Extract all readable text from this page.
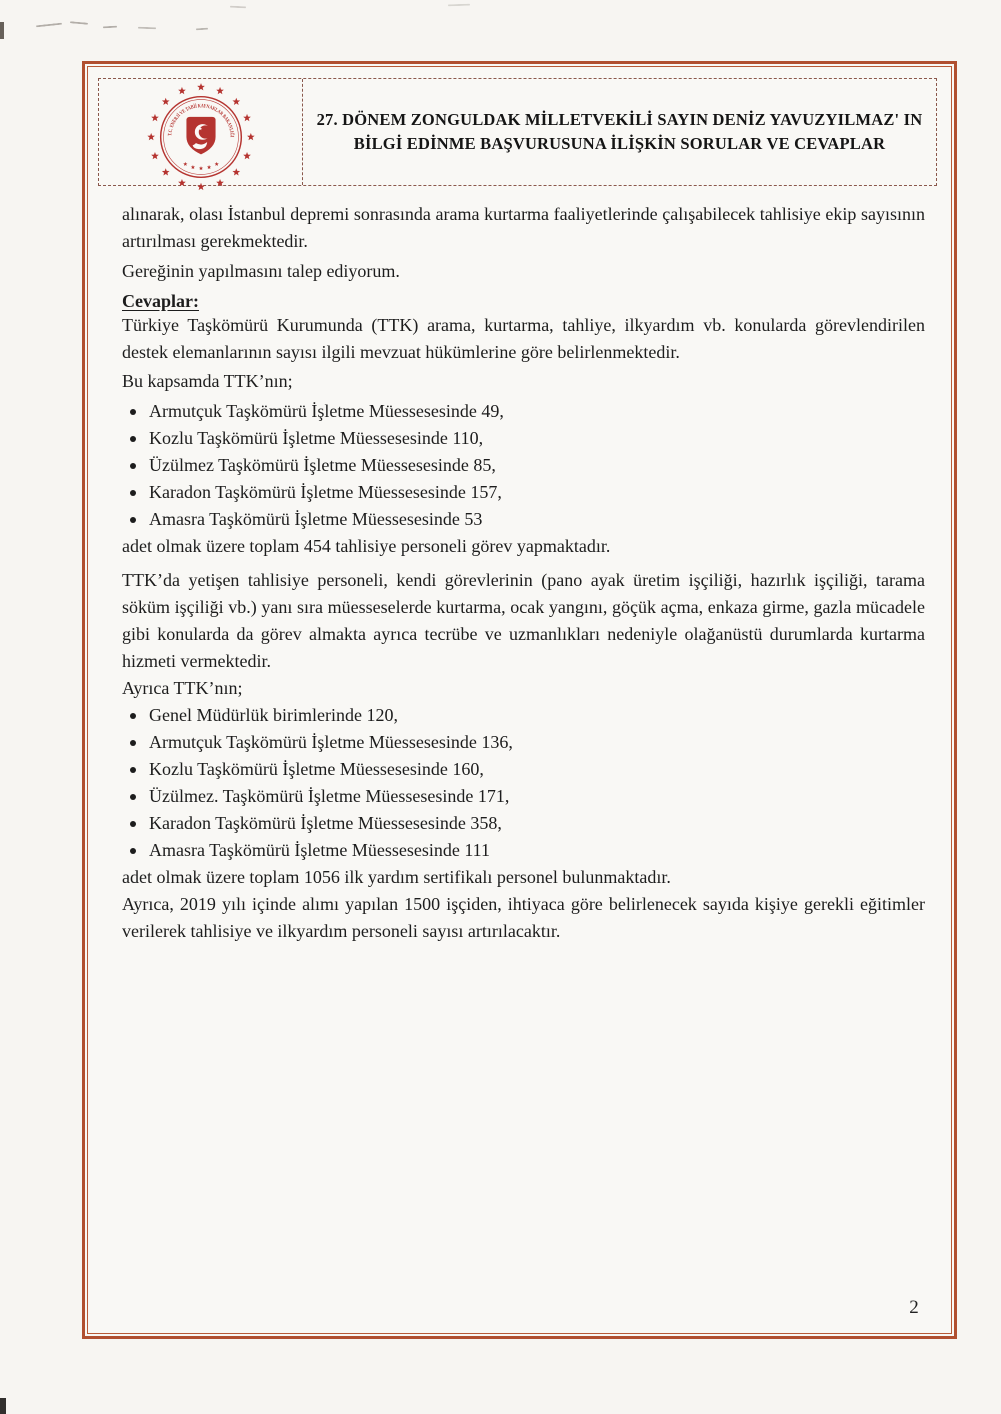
T.C. ENERJİ VE TABİİ KAYNAKLAR BAKANLIĞI
27. DÖNEM ZONGULDAK MİLLETVEKİLİ SAYIN DENİZ YAVUZYILMAZ' IN
BİLGİ EDİNME BAŞVURUSUNA İLİŞKİN SORULAR VE CEVAPLAR

alınarak, olası İstanbul depremi sonrasında arama kurtarma faaliyetlerinde çalışabilecek tahlisiye ekip sayısının artırılması gerekmektedir.

Gereğinin yapılmasını talep ediyorum.

Cevaplar:

Türkiye Taşkömürü Kurumunda (TTK) arama, kurtarma, tahliye, ilkyardım vb. konularda görevlendirilen destek elemanlarının sayısı ilgili mevzuat hükümlerine göre belirlenmektedir.

Bu kapsamda TTK’nın;

Armutçuk Taşkömürü İşletme Müessesesinde 49,
Kozlu Taşkömürü İşletme Müessesesinde 110,
Üzülmez Taşkömürü İşletme Müessesesinde 85,
Karadon Taşkömürü İşletme Müessesesinde 157,
Amasra Taşkömürü İşletme Müessesesinde 53

adet olmak üzere toplam 454 tahlisiye personeli görev yapmaktadır.

TTK’da yetişen tahlisiye personeli, kendi görevlerinin (pano ayak üretim işçiliği, hazırlık işçiliği, tarama söküm işçiliği vb.) yanı sıra müesseselerde kurtarma, ocak yangını, göçük açma, enkaza girme, gazla mücadele gibi konularda da görev almakta ayrıca tecrübe ve uzmanlıkları nedeniyle olağanüstü durumlarda kurtarma hizmeti vermektedir.

Ayrıca TTK’nın;

Genel Müdürlük birimlerinde 120,
Armutçuk Taşkömürü İşletme Müessesesinde 136,
Kozlu Taşkömürü İşletme Müessesesinde 160,
Üzülmez. Taşkömürü İşletme Müessesesinde 171,
Karadon Taşkömürü İşletme Müessesesinde 358,
Amasra Taşkömürü İşletme Müessesesinde 111

adet olmak üzere toplam 1056 ilk yardım sertifikalı personel bulunmaktadır.

Ayrıca, 2019 yılı içinde alımı yapılan 1500 işçiden, ihtiyaca göre belirlenecek sayıda kişiye gerekli eğitimler verilerek tahlisiye ve ilkyardım personeli sayısı artırılacaktır.

2
